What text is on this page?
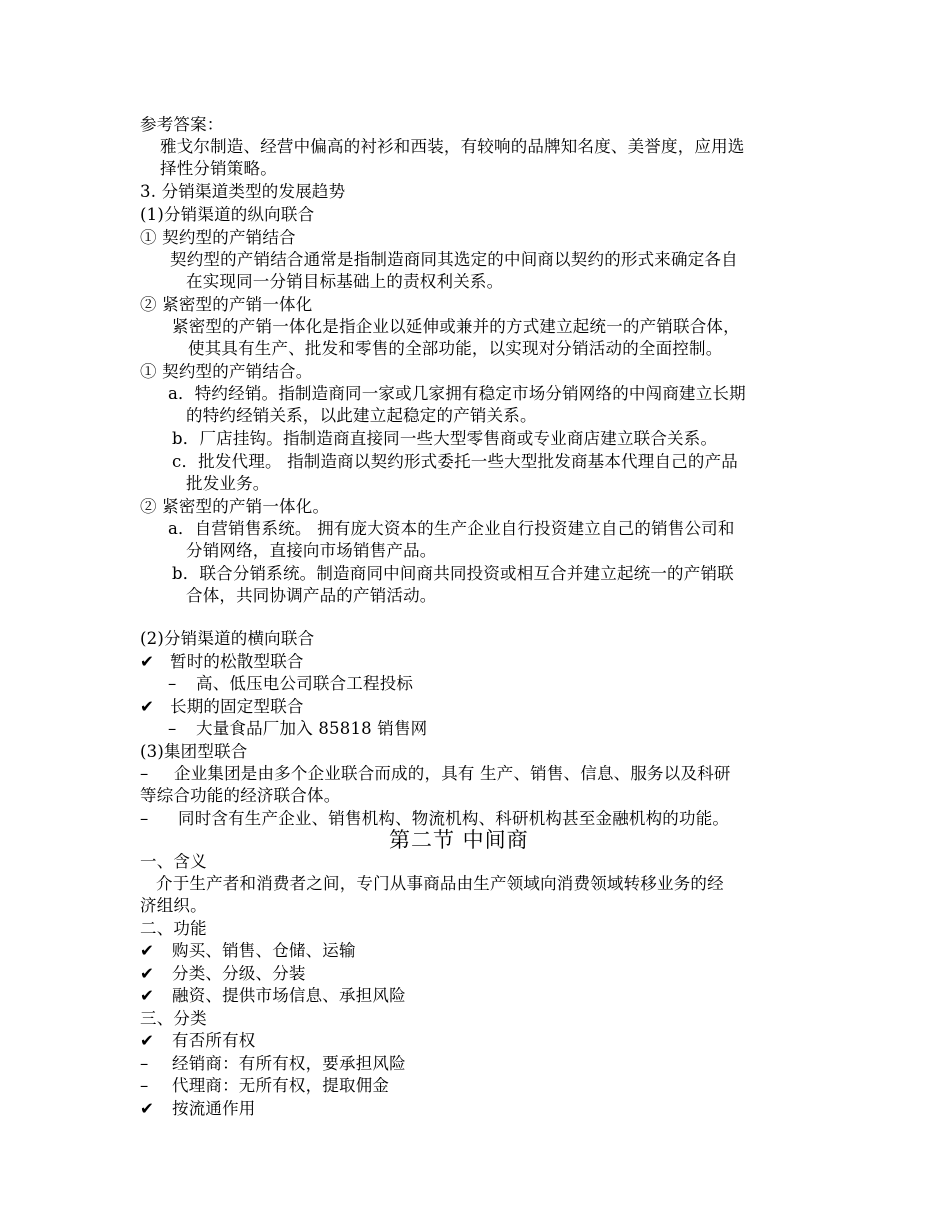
参考答案：
雅戈尔制造、经营中偏高的衬衫和西装，有较响的品牌知名度、美誉度，应用选
择性分销策略。
3. 分销渠道类型的发展趋势
(1)分销渠道的纵向联合
① 契约型的产销结合
契约型的产销结合通常是指制造商同其选定的中间商以契约的形式来确定各自
在实现同一分销目标基础上的责权利关系。
② 紧密型的产销一体化
紧密型的产销一体化是指企业以延伸或兼并的方式建立起统一的产销联合体，
使其具有生产、批发和零售的全部功能，以实现对分销活动的全面控制。
① 契约型的产销结合。
a．特约经销。指制造商同一家或几家拥有稳定市场分销网络的中闯商建立长期
的特约经销关系，以此建立起稳定的产销关系。
b．厂店挂钩。指制造商直接同一些大型零售商或专业商店建立联合关系。
c．批发代理。 指制造商以契约形式委托一些大型批发商基本代理自己的产品
批发业务。
② 紧密型的产销一体化。
a．自营销售系统。 拥有庞大资本的生产企业自行投资建立自己的销售公司和
分销网络，直接向市场销售产品。
b．联合分销系统。制造商同中间商共同投资或相互合并建立起统一的产销联
合体，共同协调产品的产销活动。
(2)分销渠道的横向联合
✔ 暂时的松散型联合
– 高、低压电公司联合工程投标
✔ 长期的固定型联合
– 大量食品厂加入 85818 销售网
(3)集团型联合
– 企业集团是由多个企业联合而成的，具有 生产、销售、信息、服务以及科研
等综合功能的经济联合体。
– 同时含有生产企业、销售机构、物流机构、科研机构甚至金融机构的功能。
第二节 中间商
一、含义
介于生产者和消费者之间，专门从事商品由生产领域向消费领域转移业务的经
济组织。
二、功能
✔ 购买、销售、仓储、运输
✔ 分类、分级、分装
✔ 融资、提供市场信息、承担风险
三、分类
✔ 有否所有权
– 经销商：有所有权，要承担风险
– 代理商：无所有权，提取佣金
✔ 按流通作用
